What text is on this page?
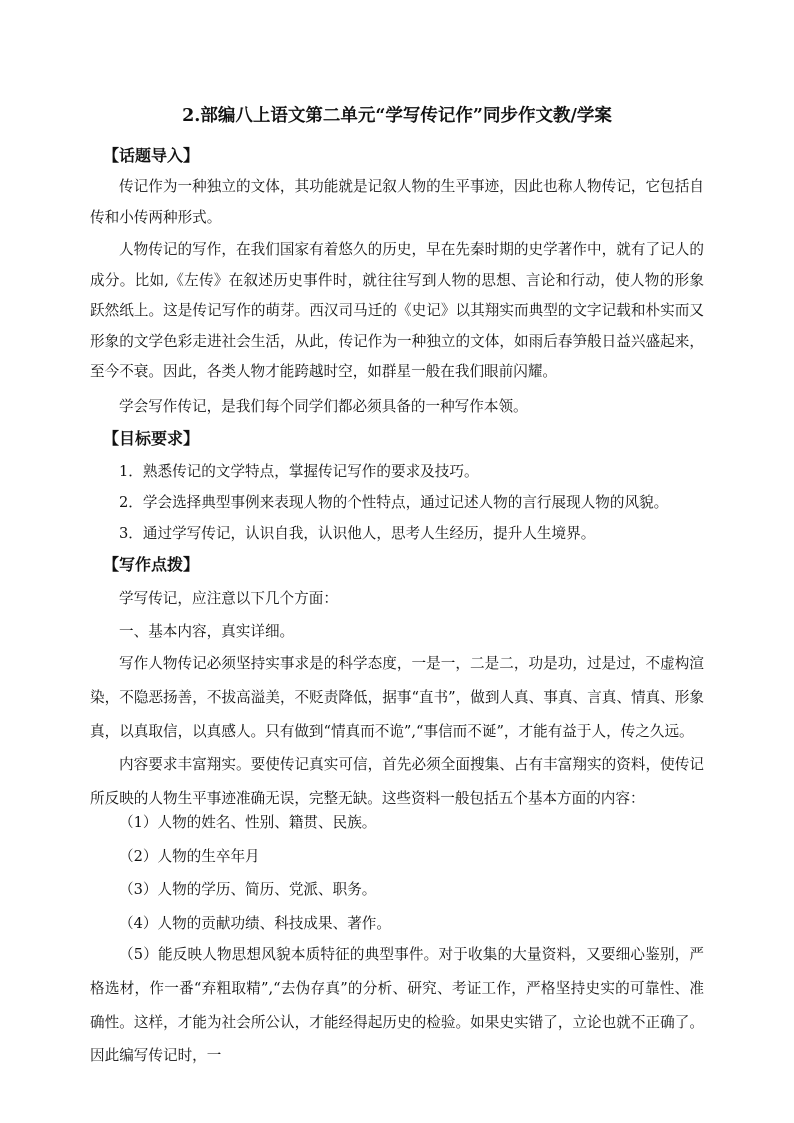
2.部编八上语文第二单元“学写传记作”同步作文教/学案
【话题导入】
传记作为一种独立的文体，其功能就是记叙人物的生平事迹，因此也称人物传记，它包括自传和小传两种形式。
人物传记的写作，在我们国家有着悠久的历史，早在先秦时期的史学著作中，就有了记人的成分。比如,《左传》在叙述历史事件时，就往往写到人物的思想、言论和行动，使人物的形象跃然纸上。这是传记写作的萌芽。西汉司马迁的《史记》以其翔实而典型的文字记载和朴实而又形象的文学色彩走进社会生活，从此，传记作为一种独立的文体，如雨后春笋般日益兴盛起来，至今不衰。因此，各类人物才能跨越时空，如群星一般在我们眼前闪耀。
学会写作传记，是我们每个同学们都必须具备的一种写作本领。
【目标要求】
1．熟悉传记的文学特点，掌握传记写作的要求及技巧。
2．学会选择典型事例来表现人物的个性特点，通过记述人物的言行展现人物的风貌。
3．通过学写传记，认识自我，认识他人，思考人生经历，提升人生境界。
【写作点拨】
学写传记，应注意以下几个方面：
一、基本内容，真实详细。
写作人物传记必须坚持实事求是的科学态度，一是一，二是二，功是功，过是过，不虚构渲染，不隐恶扬善，不拔高溢美，不贬责降低，据事“直书”，做到人真、事真、言真、情真、形象真，以真取信，以真感人。只有做到“情真而不诡”,“事信而不诞”，才能有益于人，传之久远。
内容要求丰富翔实。要使传记真实可信，首先必须全面搜集、占有丰富翔实的资料，使传记所反映的人物生平事迹准确无误，完整无缺。这些资料一般包括五个基本方面的内容：
（1）人物的姓名、性别、籍贯、民族。
（2）人物的生卒年月
（3）人物的学历、简历、党派、职务。
（4）人物的贡献功绩、科技成果、著作。
（5）能反映人物思想风貌本质特征的典型事件。对于收集的大量资料，又要细心鉴别，严格选材，作一番“弃粗取精”,“去伪存真”的分析、研究、考证工作，严格坚持史实的可靠性、准确性。这样，才能为社会所公认，才能经得起历史的检验。如果史实错了，立论也就不正确了。因此编写传记时，一
